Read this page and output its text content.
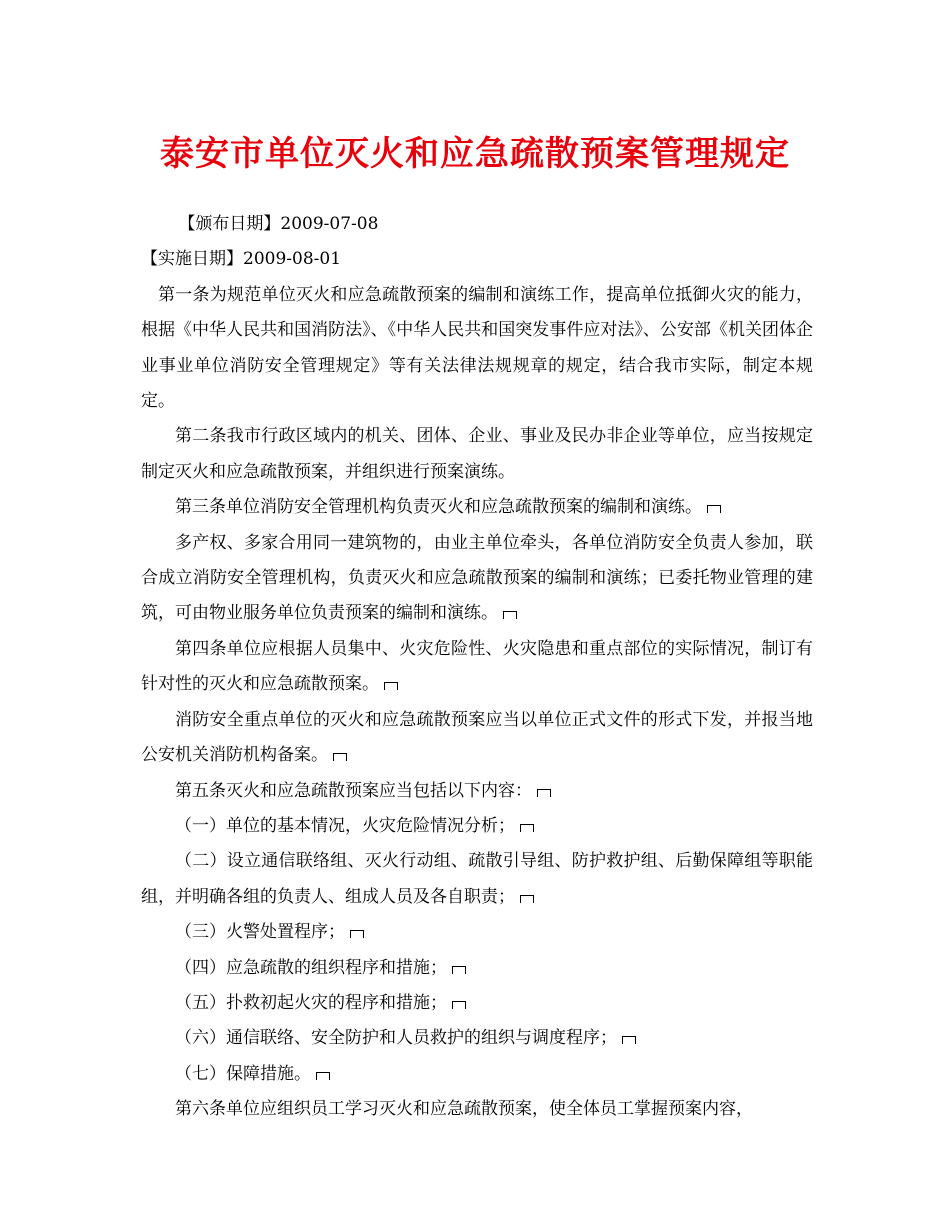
泰安市单位灭火和应急疏散预案管理规定

【颁布日期】2009-07-08

【实施日期】2009-08-01

第一条为规范单位灭火和应急疏散预案的编制和演练工作，提高单位抵御火灾的能力，根据《中华人民共和国消防法》、《中华人民共和国突发事件应对法》、公安部《机关团体企业事业单位消防安全管理规定》等有关法律法规规章的规定，结合我市实际，制定本规定。

第二条我市行政区域内的机关、团体、企业、事业及民办非企业等单位，应当按规定制定灭火和应急疏散预案，并组织进行预案演练。

第三条单位消防安全管理机构负责灭火和应急疏散预案的编制和演练。

多产权、多家合用同一建筑物的，由业主单位牵头，各单位消防安全负责人参加，联合成立消防安全管理机构，负责灭火和应急疏散预案的编制和演练；已委托物业管理的建筑，可由物业服务单位负责预案的编制和演练。

第四条单位应根据人员集中、火灾危险性、火灾隐患和重点部位的实际情况，制订有针对性的灭火和应急疏散预案。

消防安全重点单位的灭火和应急疏散预案应当以单位正式文件的形式下发，并报当地公安机关消防机构备案。

第五条灭火和应急疏散预案应当包括以下内容：

（一）单位的基本情况，火灾危险情况分析；

（二）设立通信联络组、灭火行动组、疏散引导组、防护救护组、后勤保障组等职能组，并明确各组的负责人、组成人员及各自职责；

（三）火警处置程序；

（四）应急疏散的组织程序和措施；

（五）扑救初起火灾的程序和措施；

（六）通信联络、安全防护和人员救护的组织与调度程序；

（七）保障措施。

第六条单位应组织员工学习灭火和应急疏散预案，使全体员工掌握预案内容，
